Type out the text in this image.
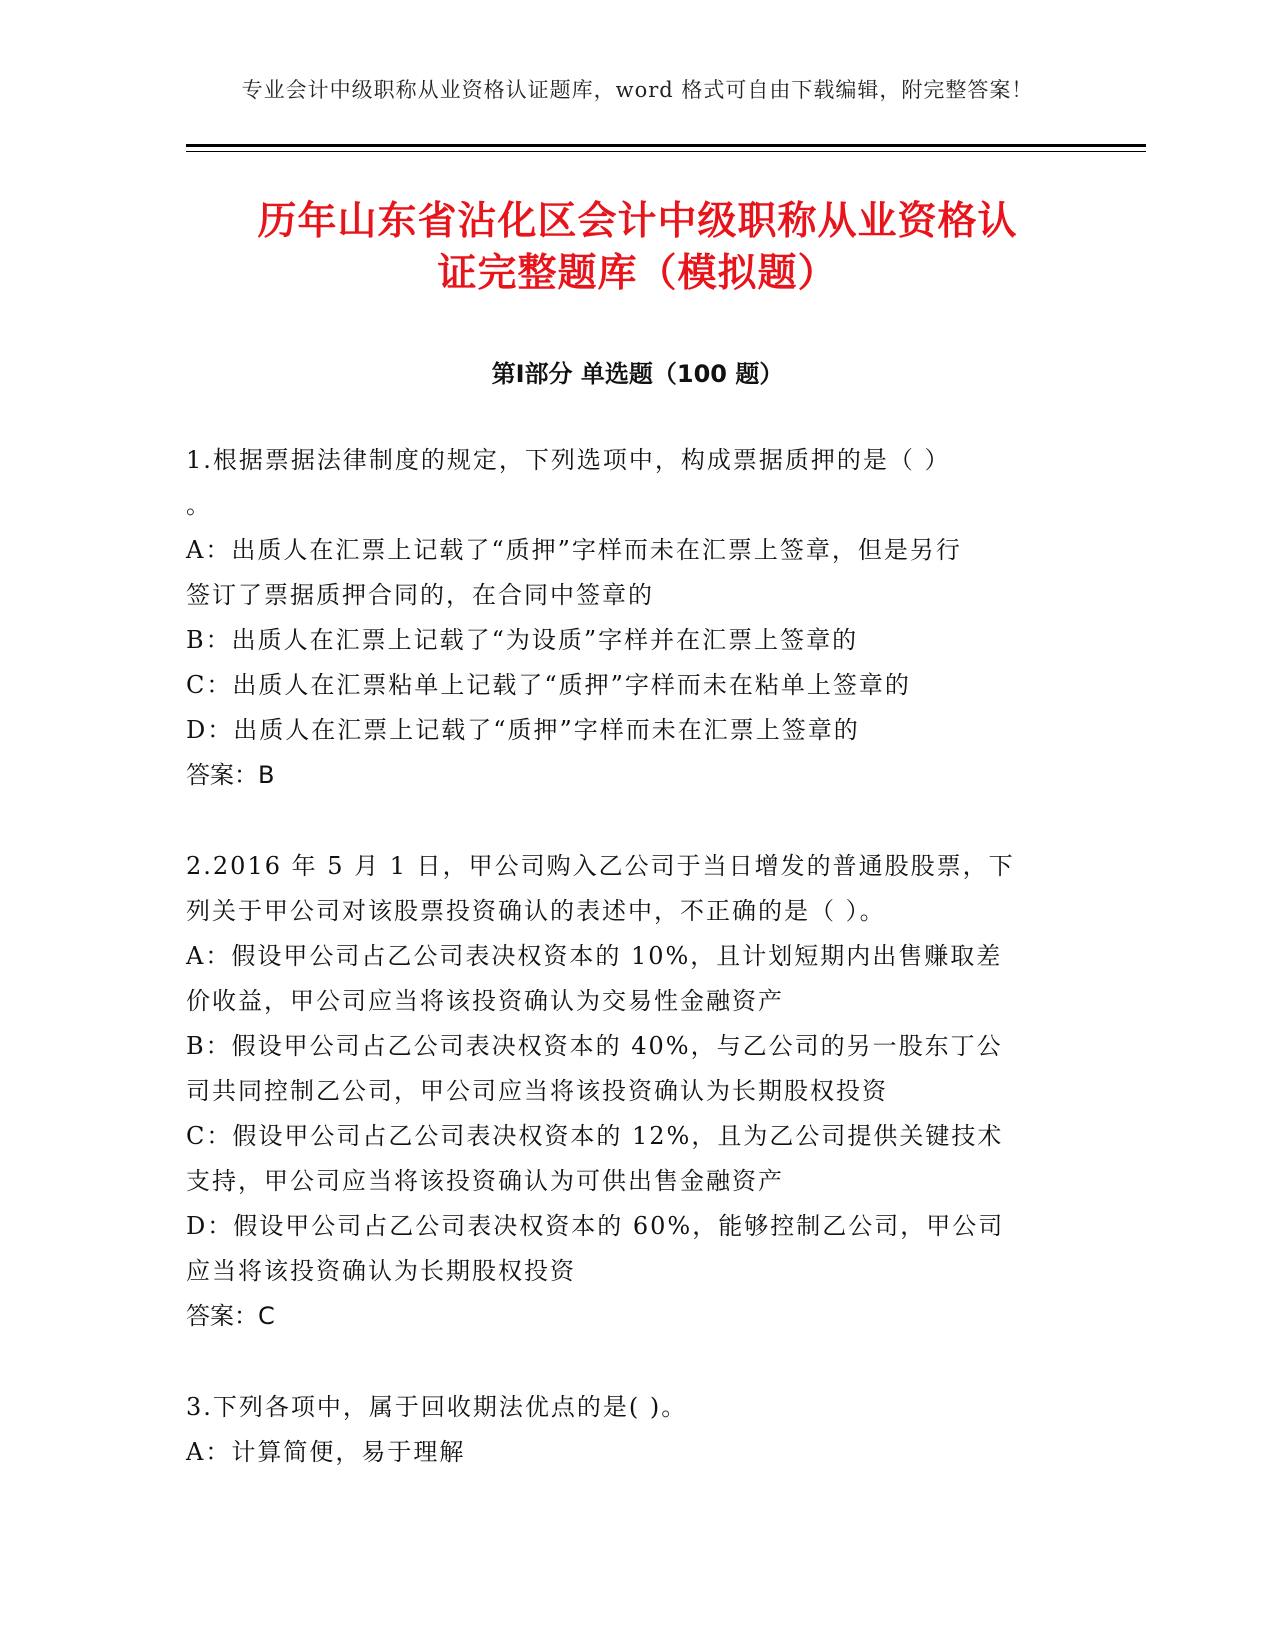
专业会计中级职称从业资格认证题库，word 格式可自由下载编辑，附完整答案！
历年山东省沾化区会计中级职称从业资格认
证完整题库（模拟题）
第Ⅰ部分 单选题（100 题）
1.根据票据法律制度的规定，下列选项中，构成票据质押的是（ ）
。
A：出质人在汇票上记载了“质押”字样而未在汇票上签章，但是另行
签订了票据质押合同的，在合同中签章的
B：出质人在汇票上记载了“为设质”字样并在汇票上签章的
C：出质人在汇票粘单上记载了“质押”字样而未在粘单上签章的
D：出质人在汇票上记载了“质押”字样而未在汇票上签章的
答案：B
2.2016 年 5 月 1 日，甲公司购入乙公司于当日增发的普通股股票，下
列关于甲公司对该股票投资确认的表述中，不正确的是（ ）。
A：假设甲公司占乙公司表决权资本的 10%，且计划短期内出售赚取差
价收益，甲公司应当将该投资确认为交易性金融资产
B：假设甲公司占乙公司表决权资本的 40%，与乙公司的另一股东丁公
司共同控制乙公司，甲公司应当将该投资确认为长期股权投资
C：假设甲公司占乙公司表决权资本的 12%，且为乙公司提供关键技术
支持，甲公司应当将该投资确认为可供出售金融资产
D：假设甲公司占乙公司表决权资本的 60%，能够控制乙公司，甲公司
应当将该投资确认为长期股权投资
答案：C
3.下列各项中，属于回收期法优点的是( )。
A：计算简便，易于理解
